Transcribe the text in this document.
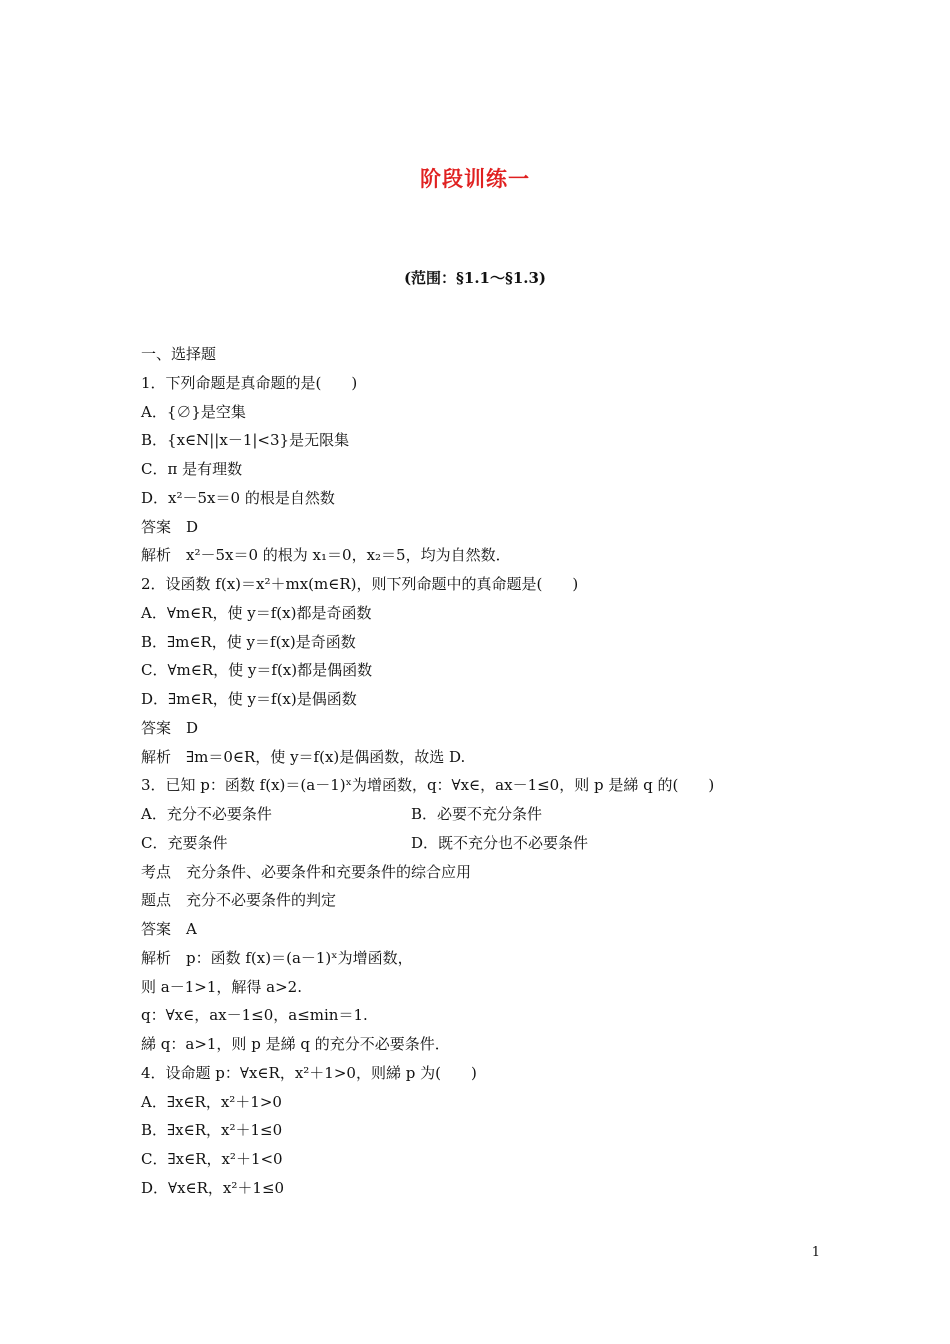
阶段训练一
(范围：§1.1～§1.3)
一、选择题
1．下列命题是真命题的是(　　)
A．{∅}是空集
B．{x∈N||x－1|<3}是无限集
C．π 是有理数
D．x²－5x＝0 的根是自然数
答案　D
解析　x²－5x＝0 的根为 x₁＝0，x₂＝5，均为自然数．
2．设函数 f(x)＝x²＋mx(m∈R)，则下列命题中的真命题是(　　)
A．∀m∈R，使 y＝f(x)都是奇函数
B．∃m∈R，使 y＝f(x)是奇函数
C．∀m∈R，使 y＝f(x)都是偶函数
D．∃m∈R，使 y＝f(x)是偶函数
答案　D
解析　∃m＝0∈R，使 y＝f(x)是偶函数，故选 D.
3．已知 p：函数 f(x)＝(a－1)ˣ为增函数，q：∀x∈，ax－1≤0，则 p 是綈 q 的(　　)
A．充分不必要条件	B．必要不充分条件
C．充要条件	D．既不充分也不必要条件
考点　充分条件、必要条件和充要条件的综合应用
题点　充分不必要条件的判定
答案　A
解析　p：函数 f(x)＝(a－1)ˣ为增函数，
则 a－1>1，解得 a>2.
q：∀x∈，ax－1≤0，a≤min＝1.
綈 q：a>1，则 p 是綈 q 的充分不必要条件．
4．设命题 p：∀x∈R，x²＋1>0，则綈 p 为(　　)
A．∃x∈R，x²＋1>0
B．∃x∈R，x²＋1≤0
C．∃x∈R，x²＋1<0
D．∀x∈R，x²＋1≤0
1
